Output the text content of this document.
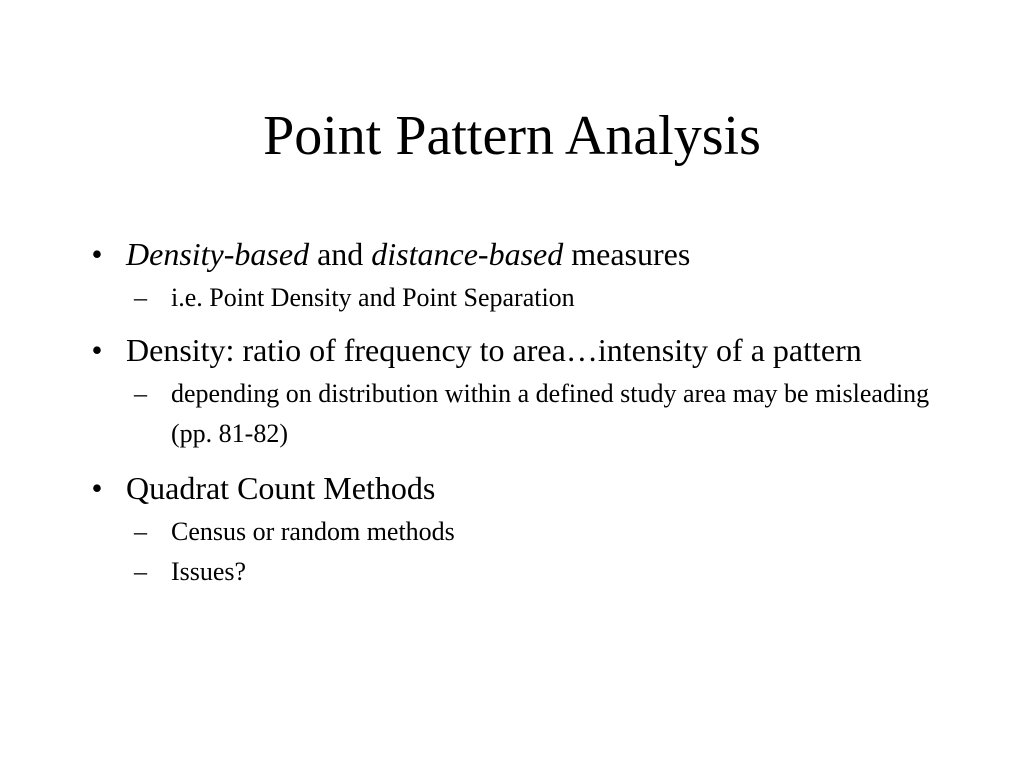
Point Pattern Analysis
• Density-based and distance-based measures
– i.e. Point Density and Point Separation
• Density: ratio of frequency to area…intensity of a pattern
– depending on distribution within a defined study area may be misleading (pp. 81-82)
• Quadrat Count Methods
– Census or random methods
– Issues?
